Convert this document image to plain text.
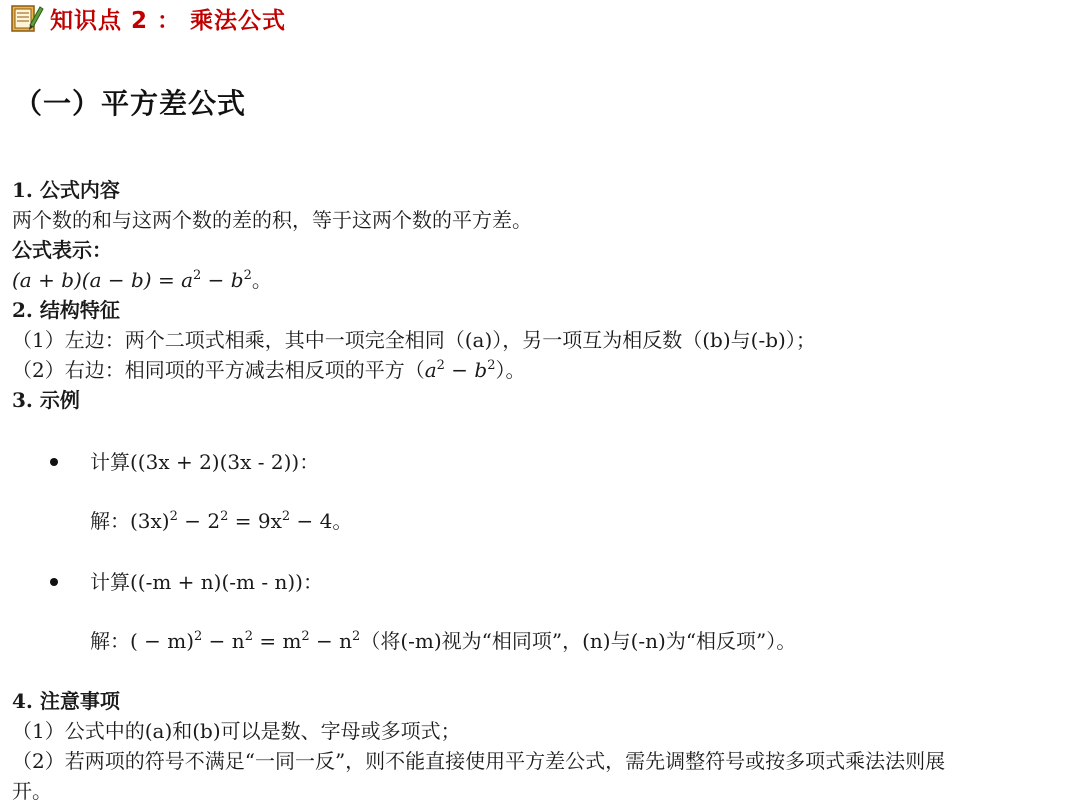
知识点 2 ： 乘法公式
（一）平方差公式
1. 公式内容
两个数的和与这两个数的差的积，等于这两个数的平方差。
公式表示：
$(a + b)(a - b) = a^2 - b^2$。
2. 结构特征
（1）左边：两个二项式相乘，其中一项完全相同（(a)），另一项互为相反数（(b)与(-b)）；
（2）右边：相同项的平方减去相反项的平方$(a^2 - b^2)$。
3. 示例
计算((3x + 2)(3x - 2))：
解：$(3x)^2 - 2^2 = 9x^2 - 4$。
计算((-m + n)(-m - n))：
解：( − $m)^2 - n^2 = m^2 - n^2$（将(-m)视为“相同项”，(n)与(-n)为“相反项”）。
4. 注意事项
（1）公式中的(a)和(b)可以是数、字母或多项式；
（2）若两项的符号不满足“一同一反”，则不能直接使用平方差公式，需先调整符号或按多项式乘法法则展
开。
